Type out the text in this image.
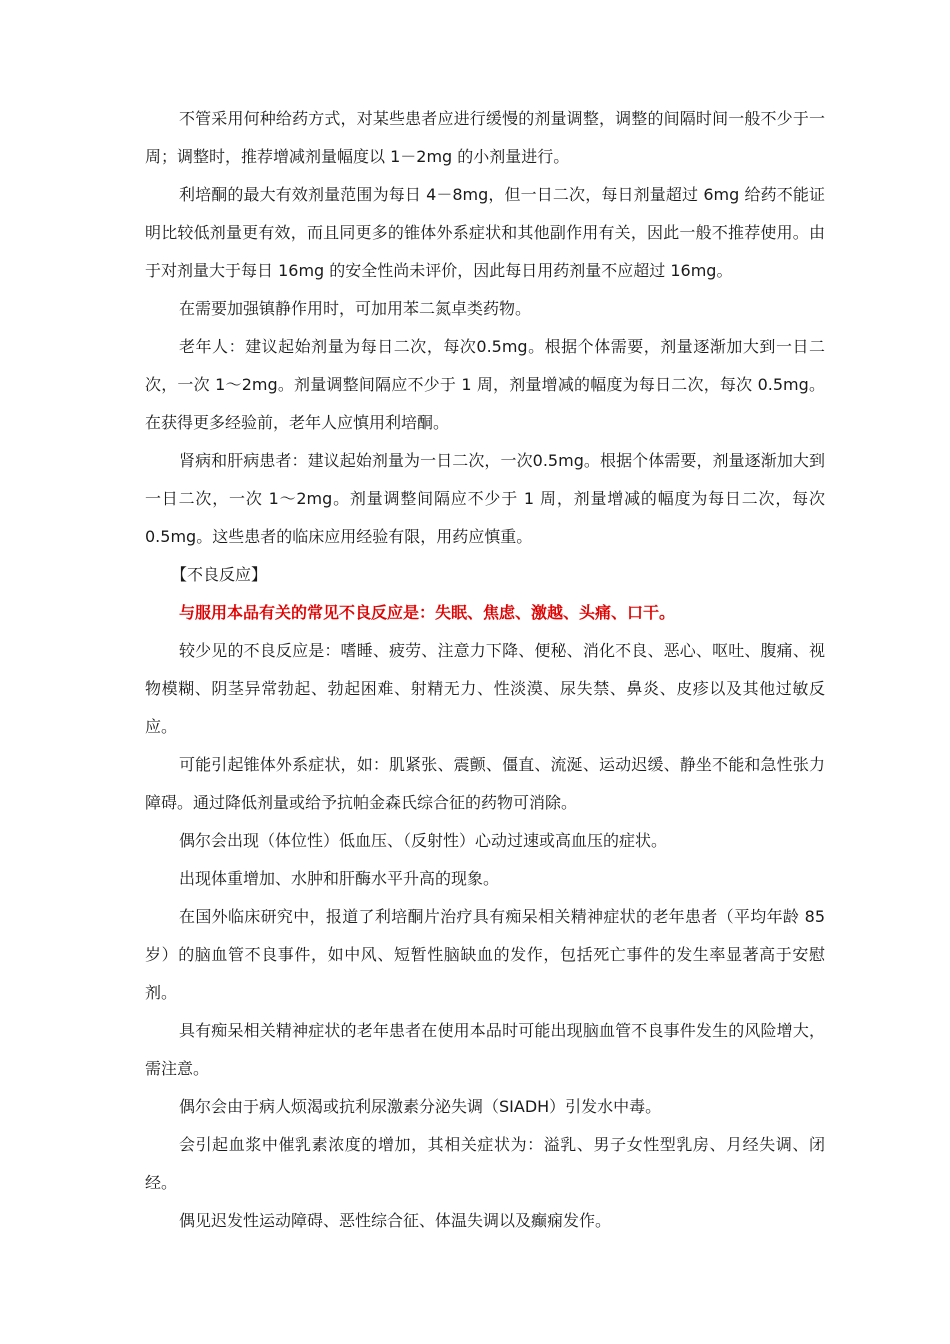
不管采用何种给药方式，对某些患者应进行缓慢的剂量调整，调整的间隔时间一般不少于一周；调整时，推荐增减剂量幅度以 1－2mg 的小剂量进行。

利培酮的最大有效剂量范围为每日 4－8mg，但一日二次，每日剂量超过 6mg 给药不能证明比较低剂量更有效，而且同更多的锥体外系症状和其他副作用有关，因此一般不推荐使用。由于对剂量大于每日 16mg 的安全性尚未评价，因此每日用药剂量不应超过 16mg。

在需要加强镇静作用时，可加用苯二氮卓类药物。

老年人：建议起始剂量为每日二次，每次0.5mg。根据个体需要，剂量逐渐加大到一日二次，一次 1～2mg。剂量调整间隔应不少于 1 周，剂量增减的幅度为每日二次，每次 0.5mg。在获得更多经验前，老年人应慎用利培酮。

肾病和肝病患者：建议起始剂量为一日二次，一次0.5mg。根据个体需要，剂量逐渐加大到一日二次，一次 1～2mg。剂量调整间隔应不少于 1 周，剂量增减的幅度为每日二次，每次 0.5mg。这些患者的临床应用经验有限，用药应慎重。

【不良反应】

与服用本品有关的常见不良反应是：失眠、焦虑、激越、头痛、口干。

较少见的不良反应是：嗜睡、疲劳、注意力下降、便秘、消化不良、恶心、呕吐、腹痛、视物模糊、阴茎异常勃起、勃起困难、射精无力、性淡漠、尿失禁、鼻炎、皮疹以及其他过敏反应。

可能引起锥体外系症状，如：肌紧张、震颤、僵直、流涎、运动迟缓、静坐不能和急性张力障碍。通过降低剂量或给予抗帕金森氏综合征的药物可消除。

偶尔会出现（体位性）低血压、（反射性）心动过速或高血压的症状。

出现体重增加、水肿和肝酶水平升高的现象。

在国外临床研究中，报道了利培酮片治疗具有痴呆相关精神症状的老年患者（平均年龄 85 岁）的脑血管不良事件，如中风、短暂性脑缺血的发作，包括死亡事件的发生率显著高于安慰剂。

具有痴呆相关精神症状的老年患者在使用本品时可能出现脑血管不良事件发生的风险增大，需注意。

偶尔会由于病人烦渴或抗利尿激素分泌失调（SIADH）引发水中毒。

会引起血浆中催乳素浓度的增加，其相关症状为：溢乳、男子女性型乳房、月经失调、闭经。

偶见迟发性运动障碍、恶性综合征、体温失调以及癫痫发作。
